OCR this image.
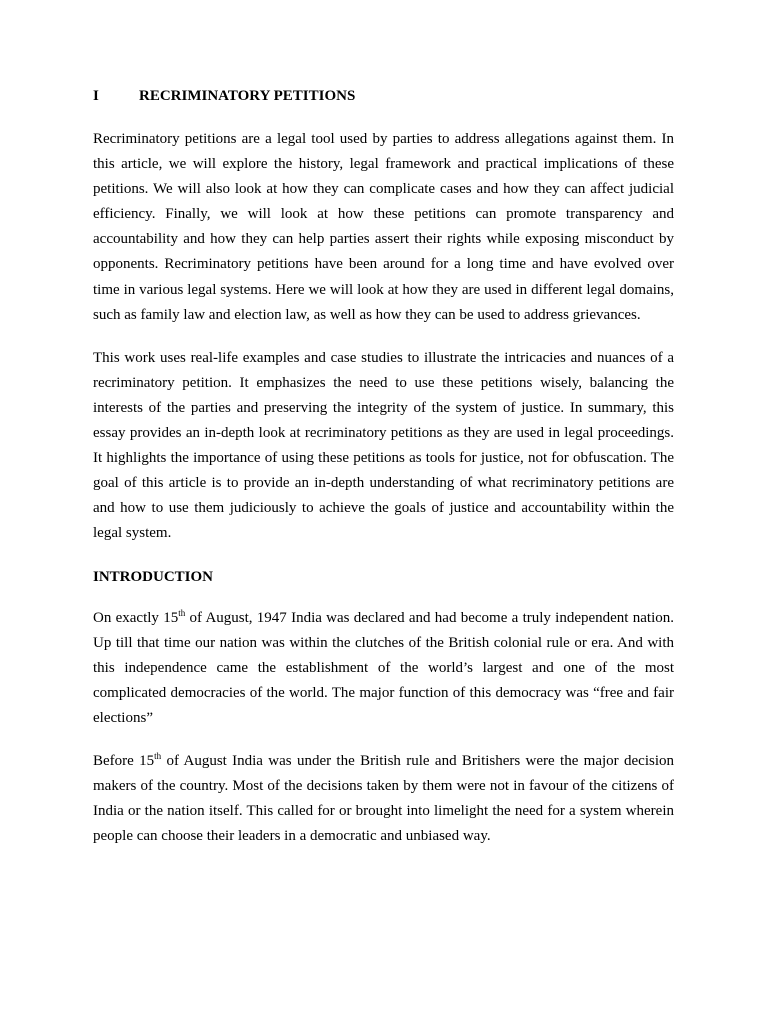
I	RECRIMINATORY PETITIONS

Recriminatory petitions are a legal tool used by parties to address allegations against them. In this article, we will explore the history, legal framework and practical implications of these petitions. We will also look at how they can complicate cases and how they can affect judicial efficiency. Finally, we will look at how these petitions can promote transparency and accountability and how they can help parties assert their rights while exposing misconduct by opponents. Recriminatory petitions have been around for a long time and have evolved over time in various legal systems. Here we will look at how they are used in different legal domains, such as family law and election law, as well as how they can be used to address grievances.

This work uses real-life examples and case studies to illustrate the intricacies and nuances of a recriminatory petition. It emphasizes the need to use these petitions wisely, balancing the interests of the parties and preserving the integrity of the system of justice. In summary, this essay provides an in-depth look at recriminatory petitions as they are used in legal proceedings. It highlights the importance of using these petitions as tools for justice, not for obfuscation. The goal of this article is to provide an in-depth understanding of what recriminatory petitions are and how to use them judiciously to achieve the goals of justice and accountability within the legal system.

INTRODUCTION

On exactly 15th of August, 1947 India was declared and had become a truly independent nation. Up till that time our nation was within the clutches of the British colonial rule or era. And with this independence came the establishment of the world’s largest and one of the most complicated democracies of the world. The major function of this democracy was “free and fair elections”

Before 15th of August India was under the British rule and Britishers were the major decision makers of the country. Most of the decisions taken by them were not in favour of the citizens of India or the nation itself. This called for or brought into limelight the need for a system wherein people can choose their leaders in a democratic and unbiased way.
